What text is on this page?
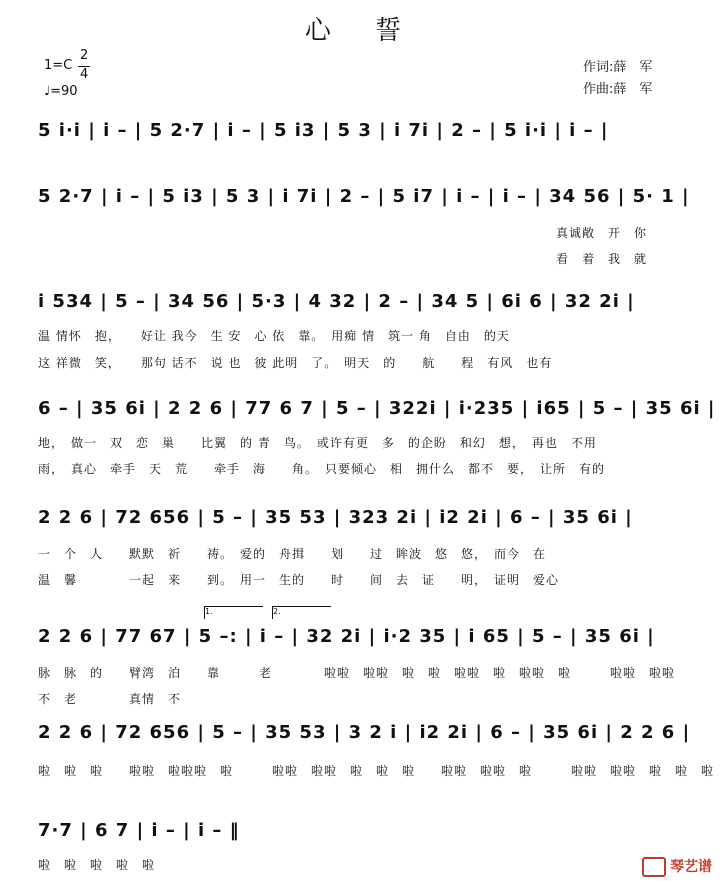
心 誓
1=C
2
4
♩=90
作词:薛　军
作曲:薛　军
5 i·i | i – | 5 2·7 | i – | 5 i3 | 5 3 | i 7i | 2 – | 5 i·i | i – |
5 2·7 | i – | 5 i3 | 5 3 | i 7i | 2 – | 5 i7 | i – | i – | 34 56 | 5· 1 |
真诚敞　开　你
看　着　我　就
i 534 | 5 – | 34 56 | 5·3 | 4 32 | 2 – | 34 5 | 6i 6 | 32 2i |
温 情怀　抱，　　好让 我今　生 安　心 依　靠。　用痴 情　筑一 角　自由　的天
这 祥微　笑，　　那句 话不　说 也　彼 此明　了。　明天　的　　航　　程　有风　也有
6 – | 35 6i | 2 2 6 | 77 6 7 | 5 – | 322i | i·235 | i65 | 5 – | 35 6i |
地，　做一　双　恋　巢　　比翼　的 青　鸟。　或许有更　多　的企盼　和幻　想，　再也　不用
雨，　真心　牵手　天　荒　　牵手　海　　角。　只要倾心　相　拥什么　都不　要，　让所　有的
2 2 6 | 72 656 | 5 – | 35 53 | 323 2i | i2 2i | 6 – | 35 6i |
一　个　人　　默默　祈　　祷。　爱的　舟揖　　划　　过　眸波　悠　悠，　而今　在
温　馨　　　　一起　来　　到。　用一　生的　　时　　间　去　证　　明，　证明　爱心
1.	2.
2 2 6 | 77 67 | 5 –: | i – | 32 2i | i·2 35 | i 65 | 5 – | 35 6i |
脉　脉　的　　臂湾　泊　　靠　　　老　　　　啦啦　啦啦　啦　啦　啦啦　啦　啦啦　啦　　　啦啦　啦啦
不　老　　　　真情　不
2 2 6 | 72 656 | 5 – | 35 53 | 3 2 i | i2 2i | 6 – | 35 6i | 2 2 6 |
啦　啦　啦　　啦啦　啦啦啦　啦　　　啦啦　啦啦　啦　啦　啦　　啦啦　啦啦　啦　　　啦啦　啦啦　啦　啦　啦
7·7 | 6 7 | i – | i – ‖
啦　啦　啦　啦　啦	琴艺谱
